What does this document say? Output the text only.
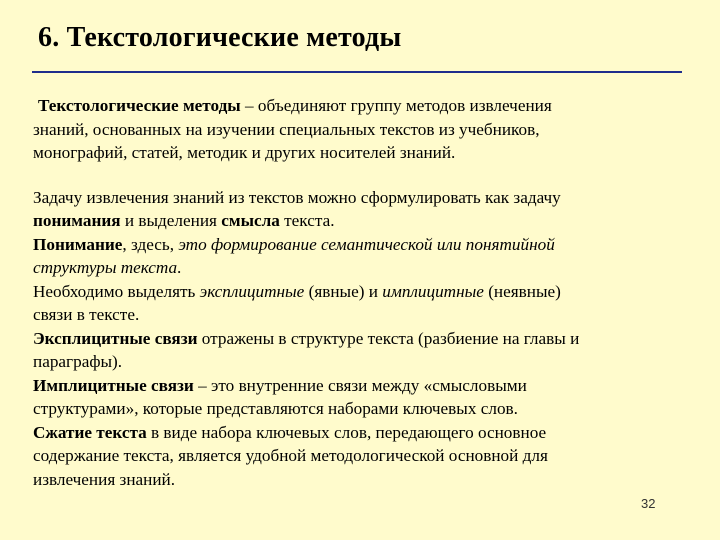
6. Текстологические методы
Текстологические методы – объединяют группу методов извлечения
знаний, основанных на изучении специальных текстов из учебников,
монографий, статей, методик и других носителей знаний.
Задачу извлечения знаний из текстов можно сформулировать как задачу
понимания и выделения смысла текста.
Понимание, здесь, это формирование семантической или понятийной
структуры текста.
Необходимо выделять эксплицитные (явные) и имплицитные (неявные)
связи в тексте.
Эксплицитные связи отражены в структуре текста (разбиение на главы и
параграфы).
Имплицитные связи – это внутренние связи между «смысловыми
структурами», которые представляются наборами ключевых слов.
Сжатие текста в виде набора ключевых слов, передающего основное
содержание текста, является удобной методологической основной для
извлечения знаний.
32
